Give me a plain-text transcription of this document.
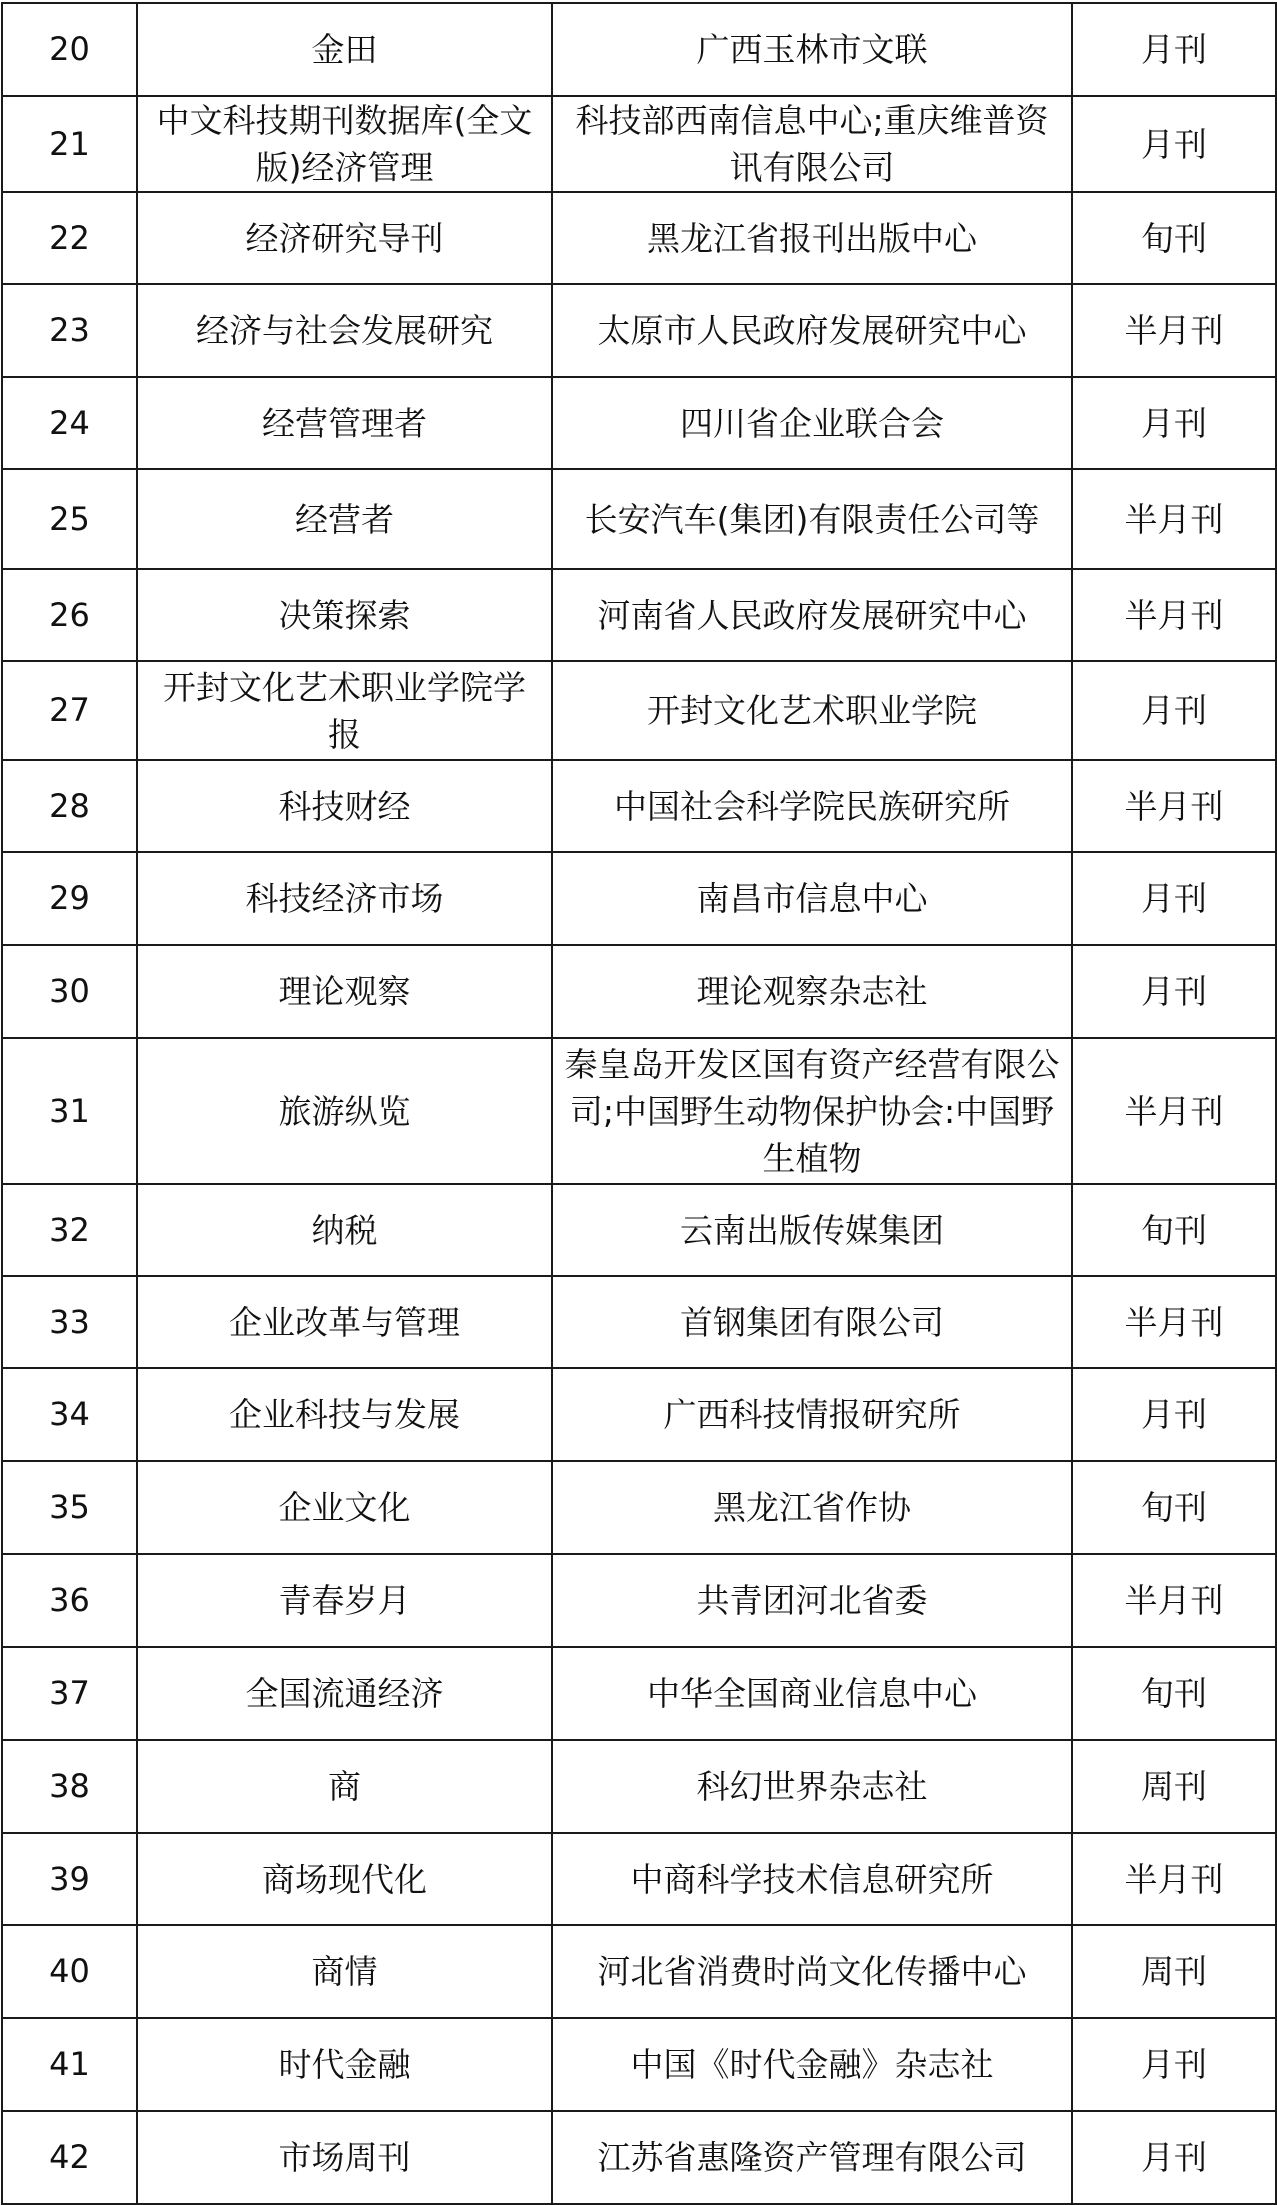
20	金田	广西玉林市文联	月刊
21	中文科技期刊数据库(全文版)经济管理	科技部西南信息中心;重庆维普资讯有限公司	月刊
22	经济研究导刊	黑龙江省报刊出版中心	旬刊
23	经济与社会发展研究	太原市人民政府发展研究中心	半月刊
24	经营管理者	四川省企业联合会	月刊
25	经营者	长安汽车(集团)有限责任公司等	半月刊
26	决策探索	河南省人民政府发展研究中心	半月刊
27	开封文化艺术职业学院学报	开封文化艺术职业学院	月刊
28	科技财经	中国社会科学院民族研究所	半月刊
29	科技经济市场	南昌市信息中心	月刊
30	理论观察	理论观察杂志社	月刊
31	旅游纵览	秦皇岛开发区国有资产经营有限公司;中国野生动物保护协会:中国野生植物	半月刊
32	纳税	云南出版传媒集团	旬刊
33	企业改革与管理	首钢集团有限公司	半月刊
34	企业科技与发展	广西科技情报研究所	月刊
35	企业文化	黑龙江省作协	旬刊
36	青春岁月	共青团河北省委	半月刊
37	全国流通经济	中华全国商业信息中心	旬刊
38	商	科幻世界杂志社	周刊
39	商场现代化	中商科学技术信息研究所	半月刊
40	商情	河北省消费时尚文化传播中心	周刊
41	时代金融	中国《时代金融》杂志社	月刊
42	市场周刊	江苏省惠隆资产管理有限公司	月刊
